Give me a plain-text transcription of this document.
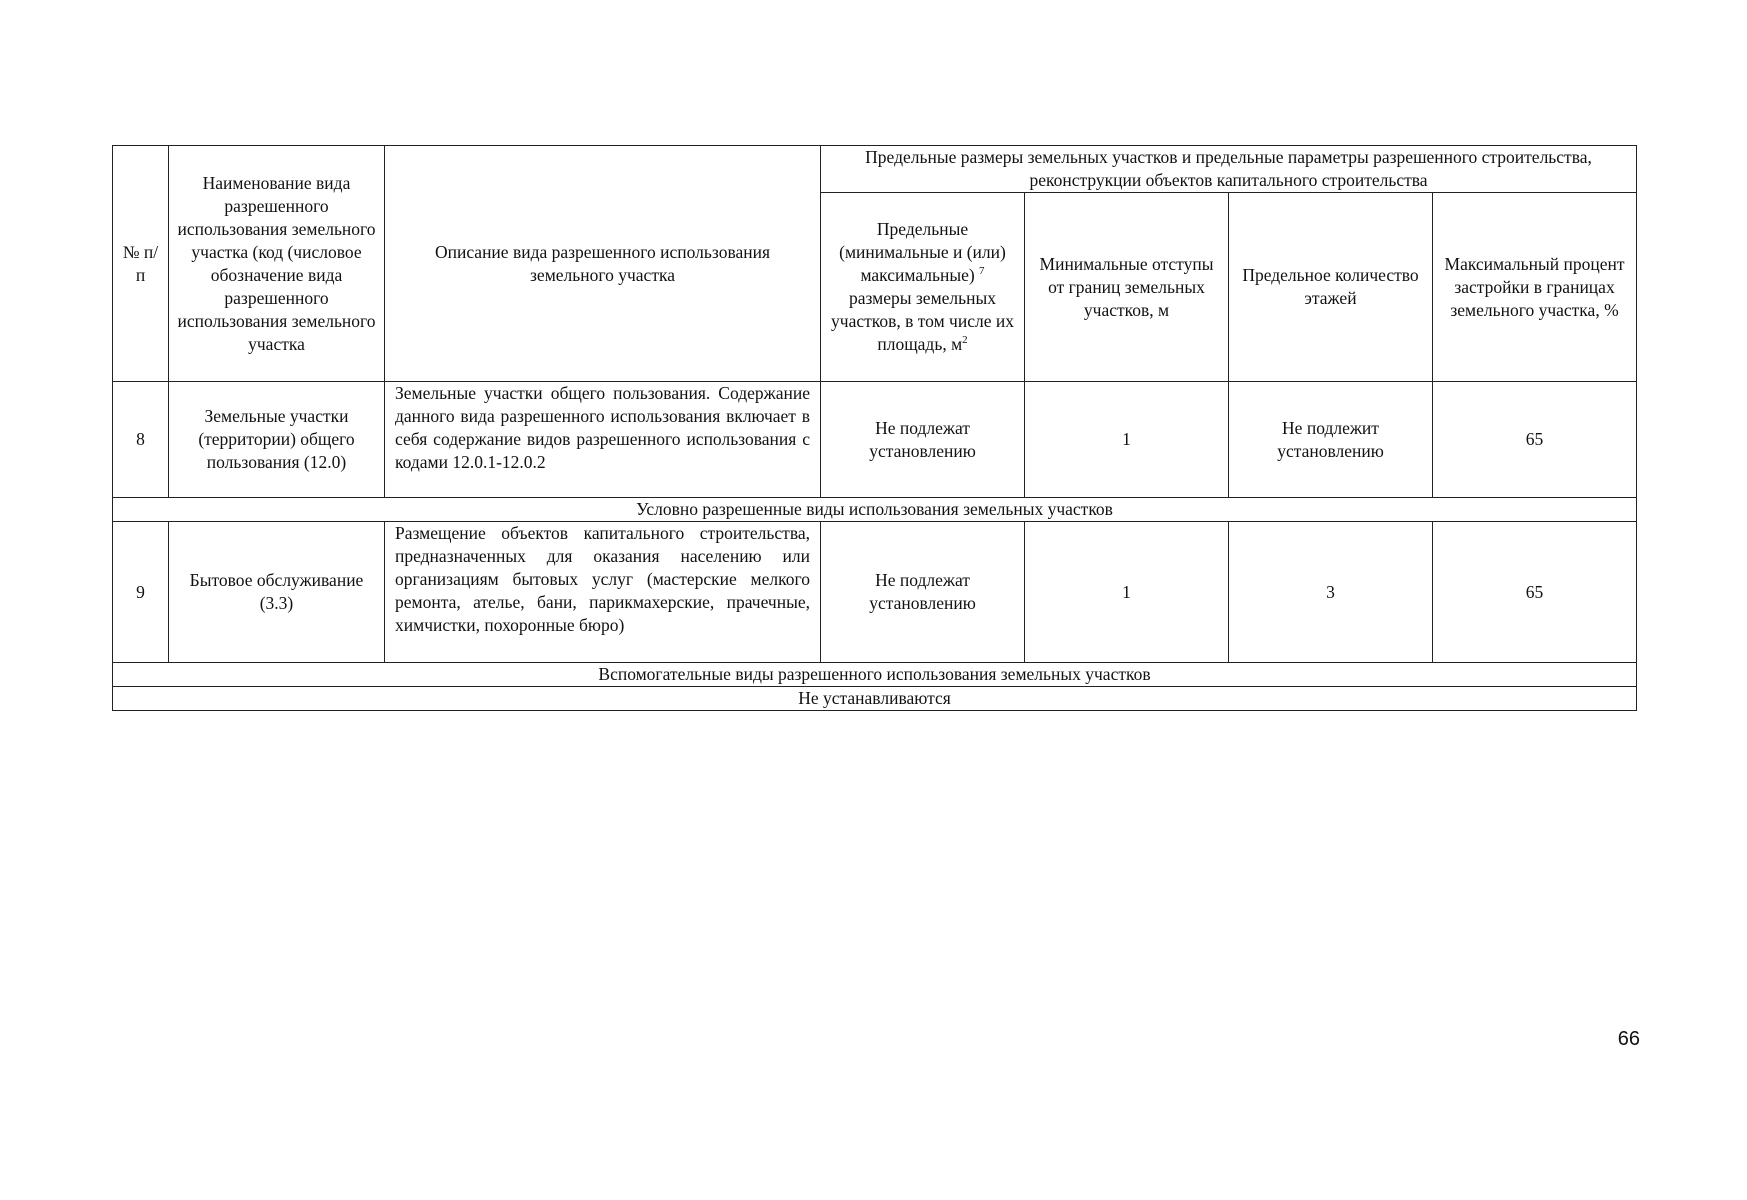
№ п/п	Наименование вида разрешенного использования земельного участка (код (числовое обозначение вида разрешенного использования земельного участка	Описание вида разрешенного использования земельного участка	Предельные размеры земельных участков и предельные параметры разрешенного строительства, реконструкции объектов капитального строительства			
			Предельные (минимальные и (или) максимальные) $^7$ размеры земельных участков, в том числе их площадь, $м^2$	Минимальные отступы от границ земельных участков, м	Предельное количество этажей	Максимальный процент застройки в границах земельного участка, %
8	Земельные участки (территории) общего пользования (12.0)	Земельные участки общего пользования. Содержание данного вида разрешенного использования включает в себя содержание видов разрешенного использования с кодами 12.0.1-12.0.2	Не подлежат установлению	1	Не подлежит установлению	65
Условно разрешенные виды использования земельных участков						
9	Бытовое обслуживание (3.3)	Размещение объектов капитального строительства, предназначенных для оказания населению или организациям бытовых услуг (мастерские мелкого ремонта, ателье, бани, парикмахерские, прачечные, химчистки, похоронные бюро)	Не подлежат установлению	1	3	65
Вспомогательные виды разрешенного использования земельных участков						
Не устанавливаются						
66
